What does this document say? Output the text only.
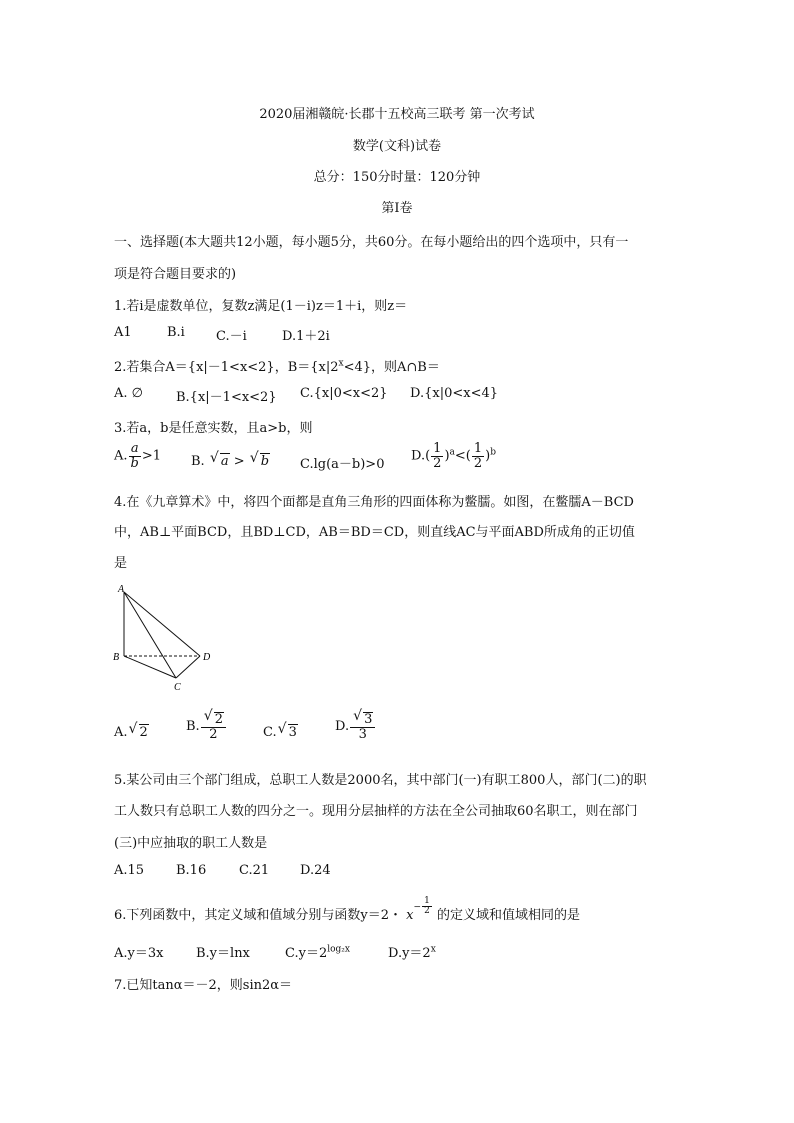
2020届湘赣皖·长郡十五校高三联考 第一次考试
数学(文科)试卷
总分：150分时量：120分钟
第I卷
一、选择题(本大题共12小题，每小题5分，共60分。在每小题给出的四个选项中，只有一
项是符合题目要求的)
1.若i是虚数单位，复数z满足(1－i)z＝1＋i，则z＝
A1	B.i C.－i	D.1＋2i
2.若集合A＝{x|－1<x<2}，$B=\{x|2^x<4\}$，则A∩B＝
A. ∅	B.{x|－1<x<2} C.{x|0<x<2} D.{x|0<x<4}
3.若a，b是任意实数，且a>b，则
A. $\frac{a}{b} >1$ B. √ a > √ b C.lg(a－b)>0
$D.( \frac{1}{2} )^a<( \frac{1}{2} )^b$
4.在《九章算术》中，将四个面都是直角三角形的四面体称为鳖臑。如图，在鳖臑A－BCD
中，AB⊥平面BCD，且BD⊥CD，AB＝BD＝CD，则直线AC与平面ABD所成角的正切值
是
A
B
C
D
A. √ 2	B. $\frac{√ 2}{2}$	C. √ 3	D. $\frac{√ 3}{3}$
5.某公司由三个部门组成，总职工人数是2000名，其中部门(一)有职工800人，部门(二)的职
工人数只有总职工人数的四分之一。现用分层抽样的方法在全公司抽取60名职工，则在部门
(三)中应抽取的职工人数是
A.15 B.16	C.21 D.24
6.下列函数中，其定义域和值域分别与函数y＝2・ $x- \frac{1}{2}$ 的定义域和值域相同的是
A.y＝3x	B.y＝lnx	$C.y=2^{log_2x}$	$D.y=2^x$
7.已知tanα＝－2，则sin2α＝
